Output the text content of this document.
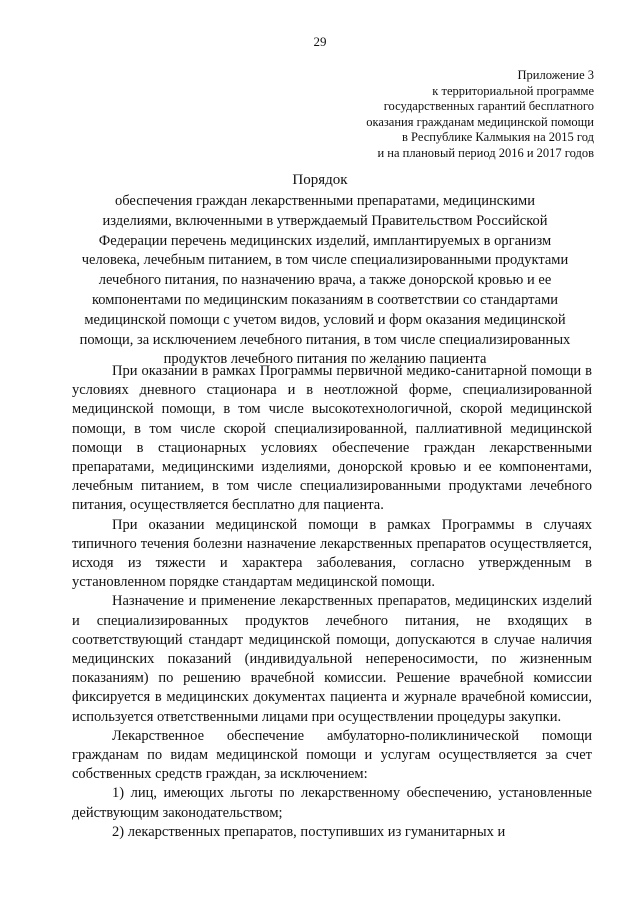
29
Приложение 3
к территориальной программе
государственных гарантий бесплатного
оказания гражданам медицинской помощи
в Республике Калмыкия на 2015 год
и на плановый период 2016 и 2017 годов
Порядок
обеспечения граждан лекарственными препаратами, медицинскими
изделиями, включенными в утверждаемый Правительством Российской
Федерации перечень медицинских изделий, имплантируемых в организм
человека, лечебным питанием, в том числе специализированными продуктами
лечебного питания, по назначению врача, а также донорской кровью и ее
компонентами по медицинским показаниям в соответствии со стандартами
медицинской помощи с учетом видов, условий и форм оказания медицинской
помощи, за исключением лечебного питания, в том числе специализированных
продуктов лечебного питания по желанию пациента

При оказании в рамках Программы первичной медико-санитарной помощи в условиях дневного стационара и в неотложной форме, специализированной медицинской помощи, в том числе высокотехнологичной, скорой медицинской помощи, в том числе скорой специализированной, паллиативной медицинской помощи в стационарных условиях обеспечение граждан лекарственными препаратами, медицинскими изделиями, донорской кровью и ее компонентами, лечебным питанием, в том числе специализированными продуктами лечебного питания, осуществляется бесплатно для пациента.

При оказании медицинской помощи в рамках Программы в случаях типичного течения болезни назначение лекарственных препаратов осуществляется, исходя из тяжести и характера заболевания, согласно утвержденным в установленном порядке стандартам медицинской помощи.

Назначение и применение лекарственных препаратов, медицинских изделий и специализированных продуктов лечебного питания, не входящих в соответствующий стандарт медицинской помощи, допускаются в случае наличия медицинских показаний (индивидуальной непереносимости, по жизненным показаниям) по решению врачебной комиссии. Решение врачебной комиссии фиксируется в медицинских документах пациента и журнале врачебной комиссии, используется ответственными лицами при осуществлении процедуры закупки.

Лекарственное обеспечение амбулаторно-поликлинической помощи гражданам по видам медицинской помощи и услугам осуществляется за счет собственных средств граждан, за исключением:

1) лиц, имеющих льготы по лекарственному обеспечению, установленные действующим законодательством;

2) лекарственных препаратов, поступивших из гуманитарных и
